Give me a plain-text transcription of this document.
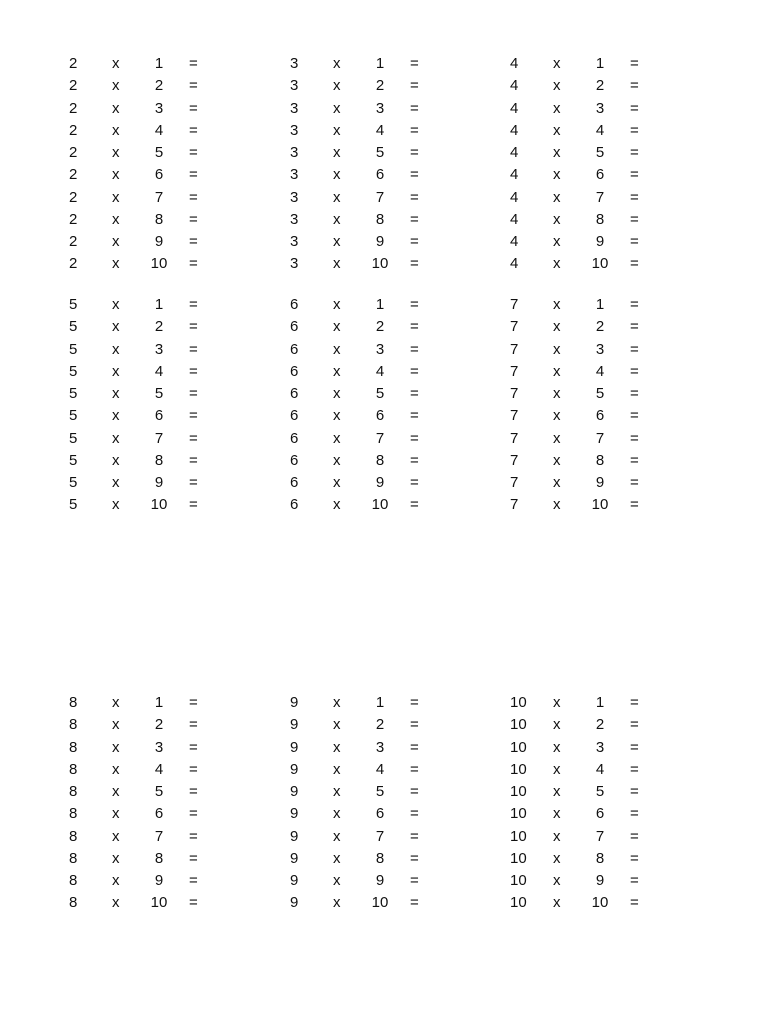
2 x	1	=
2 x	2	=
2 x	3	=
2 x	4	=
2 x	5	=
2 x	6	=
2 x	7	=
2 x	8	=
2 x	9	=
2 x 10 =
3 x	1	=
3 x	2	=
3 x	3	=
3 x	4	=
3 x	5	=
3 x	6	=
3 x	7	=
3 x	8	=
3 x	9	=
3 x 10 =
4 x	1	=
4 x	2	=
4 x	3	=
4 x	4	=
4 x	5	=
4 x	6	=
4 x	7	=
4 x	8	=
4 x	9	=
4 x 10 =
5 x	1	=
5 x	2	=
5 x	3	=
5 x	4	=
5 x	5	=
5 x	6	=
5 x	7	=
5 x	8	=
5 x	9	=
5 x 10 =
6 x	1	=
6 x	2	=
6 x	3	=
6 x	4	=
6 x	5	=
6 x	6	=
6 x	7	=
6 x	8	=
6 x	9	=
6 x 10 =
7 x	1	=
7 x	2	=
7 x	3	=
7 x	4	=
7 x	5	=
7 x	6	=
7 x	7	=
7 x	8	=
7 x	9	=
7 x 10 =
8 x	1	=
8 x	2	=
8 x	3	=
8 x	4	=
8 x	5	=
8 x	6	=
8 x	7	=
8 x	8	=
8 x	9	=
8 x 10 =
9 x	1	=
9 x	2	=
9 x	3	=
9 x	4	=
9 x	5	=
9 x	6	=
9 x	7	=
9 x	8	=
9 x	9	=
9 x 10 =
10 x	1	=
10 x	2	=
10 x	3	=
10 x	4	=
10 x	5	=
10 x	6	=
10 x	7	=
10 x	8	=
10 x	9	=
10 x 10 =
